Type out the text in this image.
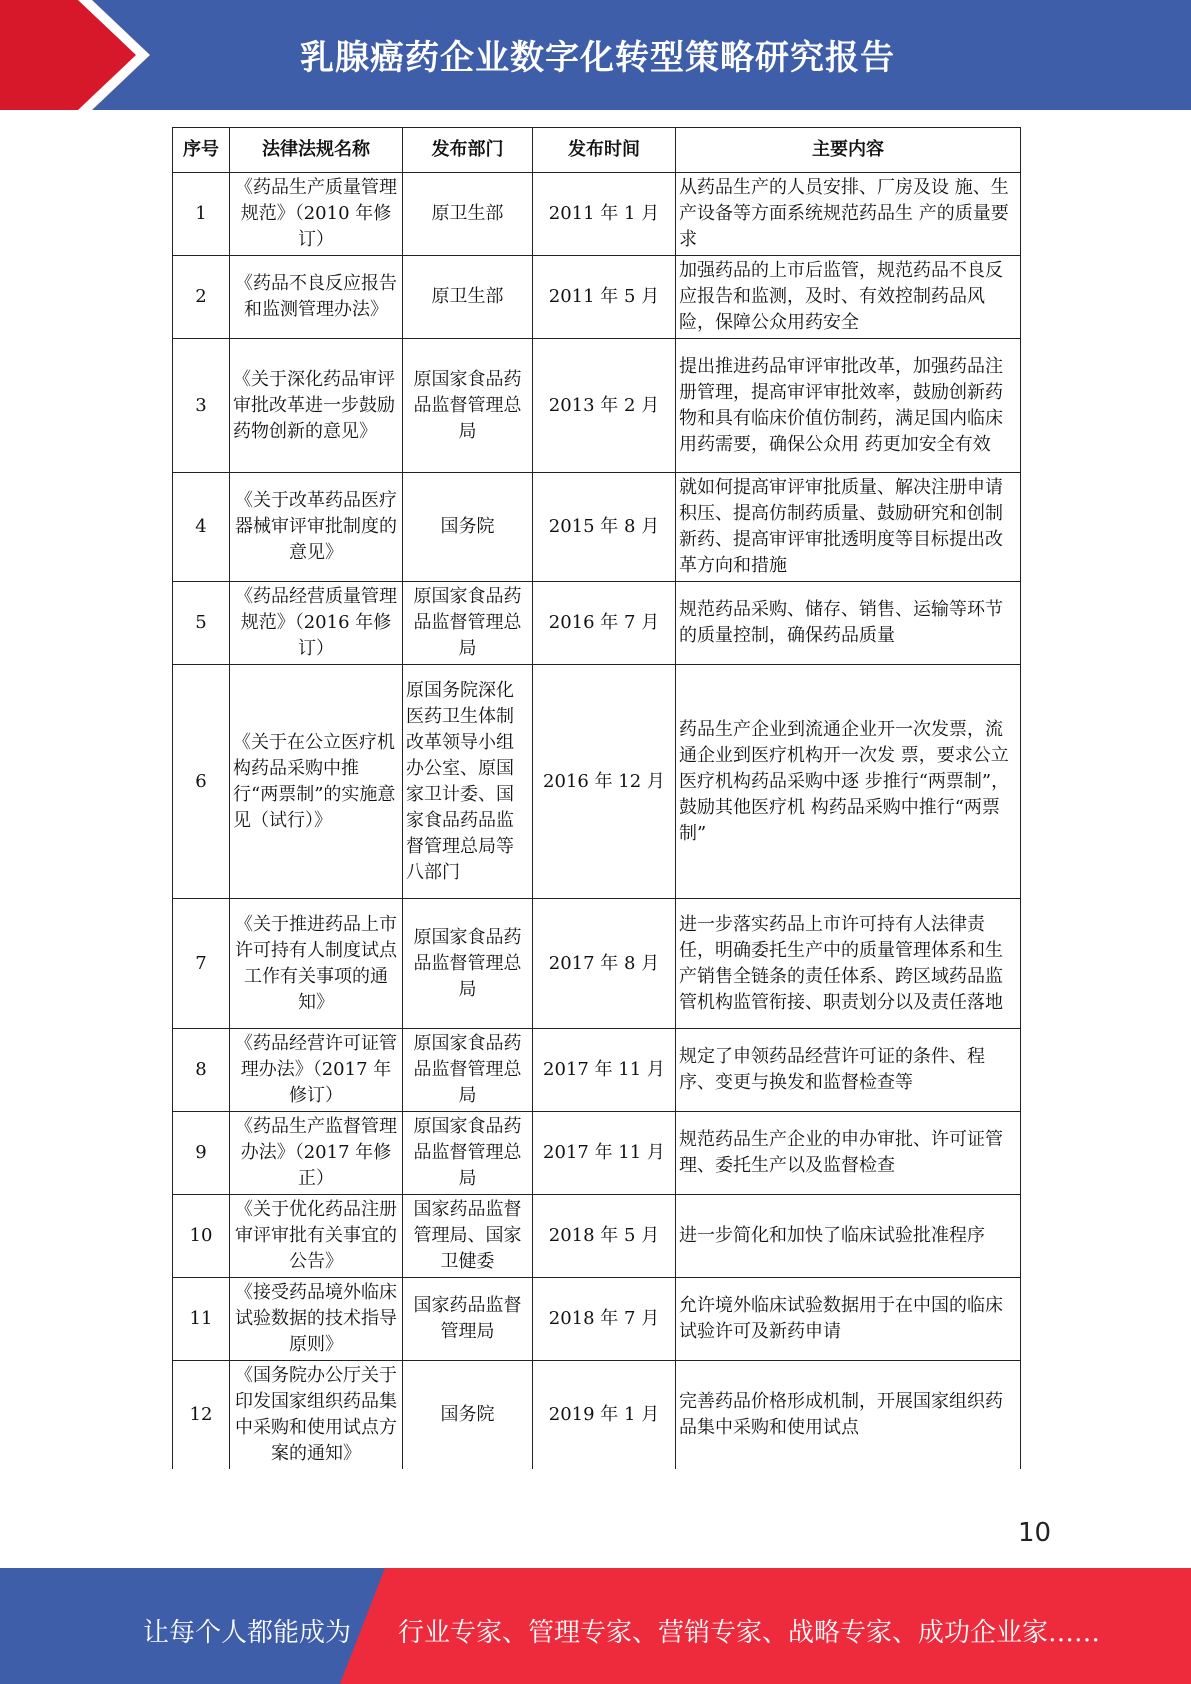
乳腺癌药企业数字化转型策略研究报告
序号	法律法规名称	发布部门	发布时间	主要内容
1	《药品生产质量管理规范》（2010 年修订）	原卫生部	2011 年 1 月	从药品生产的人员安排、厂房及设 施、生产设备等方面系统规范药品生 产的质量要求
2	《药品不良反应报告和监测管理办法》	原卫生部	2011 年 5 月	加强药品的上市后监管，规范药品不良反应报告和监测，及时、有效控制药品风险，保障公众用药安全
3	《关于深化药品审评审批改革进一步鼓励药物创新的意见》	原国家食品药品监督管理总局	2013 年 2 月	提出推进药品审评审批改革，加强药品注册管理，提高审评审批效率，鼓励创新药物和具有临床价值仿制药，满足国内临床用药需要，确保公众用 药更加安全有效
4	《关于改革药品医疗器械审评审批制度的意见》	国务院	2015 年 8 月	就如何提高审评审批质量、解决注册申请积压、提高仿制药质量、鼓励研究和创制新药、提高审评审批透明度等目标提出改革方向和措施
5	《药品经营质量管理规范》（2016 年修订）	原国家食品药品监督管理总局	2016 年 7 月	规范药品采购、储存、销售、运输等环节的质量控制，确保药品质量
6	《关于在公立医疗机构药品采购中推行“两票制”的实施意见（试行）》	原国务院深化医药卫生体制改革领导小组办公室、原国家卫计委、国家食品药品监督管理总局等八部门	2016 年 12 月	药品生产企业到流通企业开一次发票，流通企业到医疗机构开一次发 票，要求公立医疗机构药品采购中逐 步推行“两票制”，鼓励其他医疗机 构药品采购中推行“两票制”
7	《关于推进药品上市许可持有人制度试点工作有关事项的通知》	原国家食品药品监督管理总局	2017 年 8 月	进一步落实药品上市许可持有人法律责任，明确委托生产中的质量管理体系和生产销售全链条的责任体系、跨区域药品监管机构监管衔接、职责划分以及责任落地
8	《药品经营许可证管理办法》（2017 年修订）	原国家食品药品监督管理总局	2017 年 11 月	规定了申领药品经营许可证的条件、程序、变更与换发和监督检查等
9	《药品生产监督管理办法》（2017 年修正）	原国家食品药品监督管理总局	2017 年 11 月	规范药品生产企业的申办审批、许可证管理、委托生产以及监督检查
10	《关于优化药品注册审评审批有关事宜的公告》	国家药品监督管理局、国家卫健委	2018 年 5 月	进一步简化和加快了临床试验批准程序
11	《接受药品境外临床试验数据的技术指导原则》	国家药品监督管理局	2018 年 7 月	允许境外临床试验数据用于在中国的临床试验许可及新药申请
12	《国务院办公厅关于印发国家组织药品集中采购和使用试点方案的通知》	国务院	2019 年 1 月	完善药品价格形成机制，开展国家组织药品集中采购和使用试点
10
让每个人都能成为 行业专家、管理专家、营销专家、战略专家、成功企业家……
